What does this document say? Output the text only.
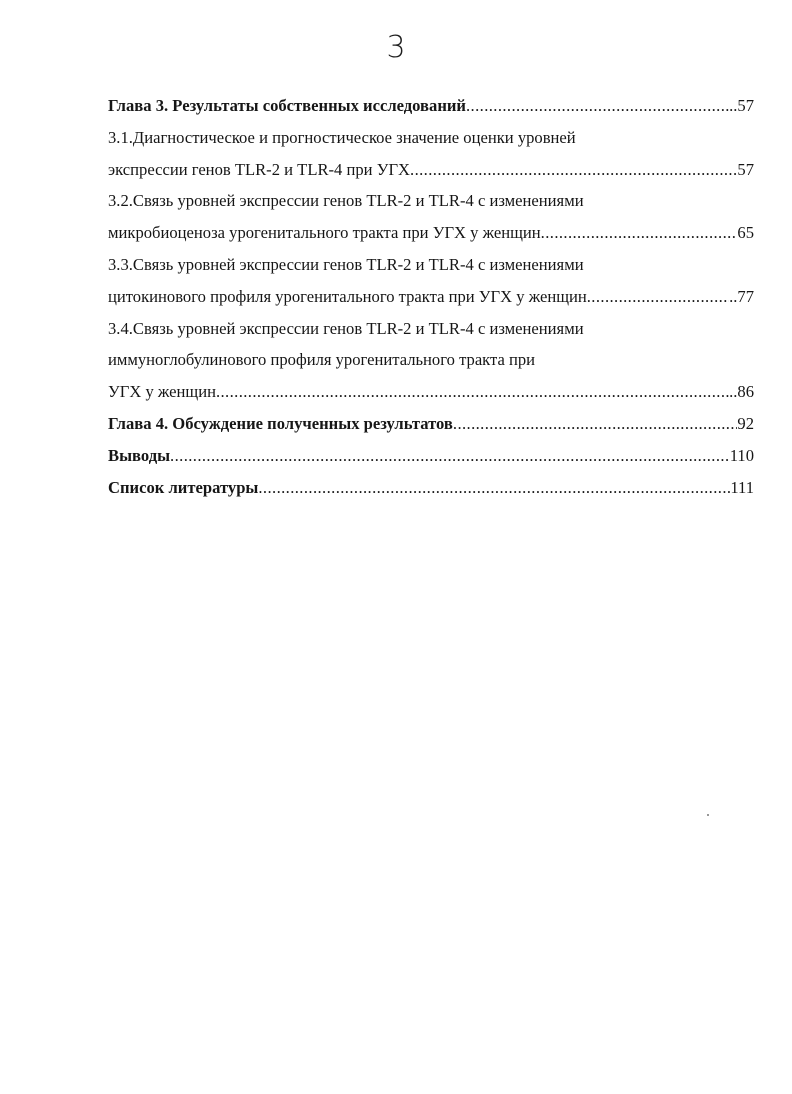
3
Глава 3. Результаты собственных исследований .....	..57
3.1.Диагностическое и прогностическое значение оценки уровней
экспрессии генов TLR-2 и TLR-4 при УГХ .....	57
3.2.Связь уровней экспрессии генов TLR-2 и TLR-4 с изменениями
микробиоценоза урогенитального тракта при УГХ у женщин .....	65
3.3.Связь уровней экспрессии генов TLR-2 и TLR-4 с изменениями
цитокинового профиля урогенитального тракта при УГХ у женщин .....	..77
3.4.Связь уровней экспрессии генов TLR-2 и TLR-4 с изменениями
иммуноглобулинового профиля урогенитального тракта при
УГХ у женщин .....	..86
Глава 4. Обсуждение полученных результатов .....	92
Выводы .....	110
Список литературы .....	111
